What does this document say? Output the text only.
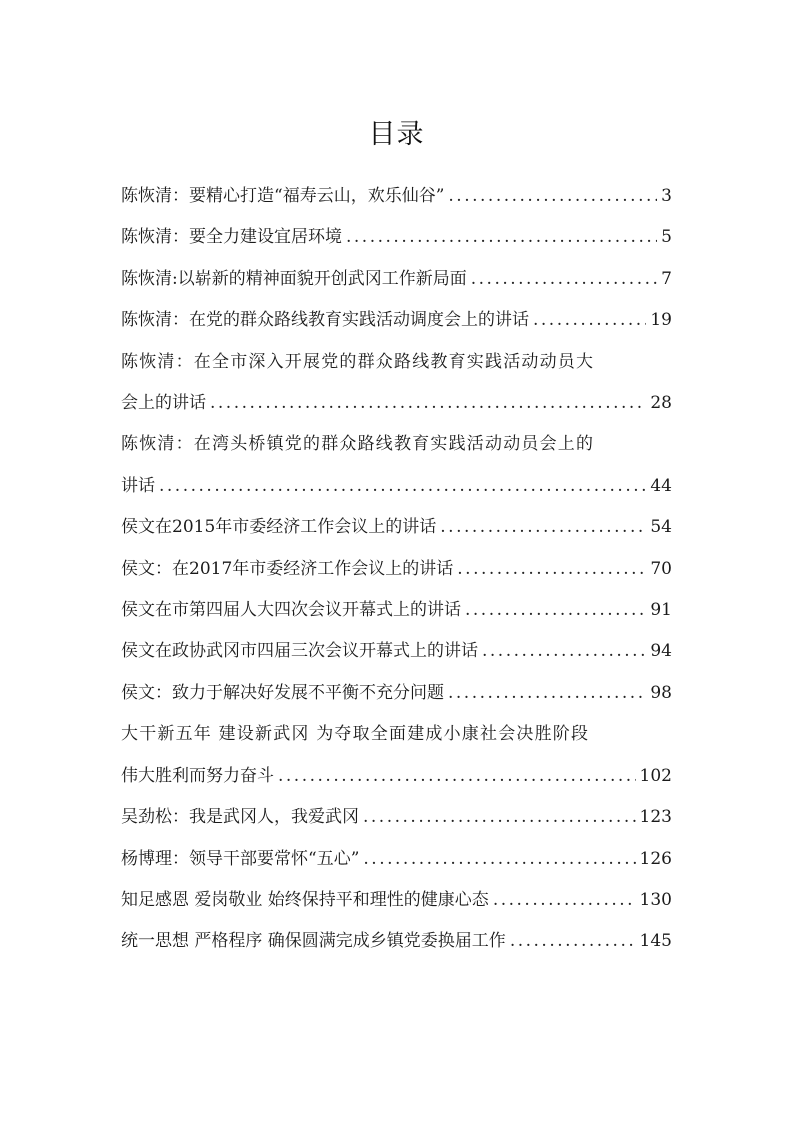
目录
陈恢清：要精心打造“福寿云山，欢乐仙谷” .....	3
陈恢清：要全力建设宜居环境 .....	5
陈恢清:以崭新的精神面貌开创武冈工作新局面 .....	7
陈恢清：在党的群众路线教育实践活动调度会上的讲话 .....	19
陈恢清：在全市深入开展党的群众路线教育实践活动动员大
会上的讲话 .....	28
陈恢清：在湾头桥镇党的群众路线教育实践活动动员会上的
讲话 .....	44
侯文在2015年市委经济工作会议上的讲话 .....	54
侯文：在2017年市委经济工作会议上的讲话 .....	70
侯文在市第四届人大四次会议开幕式上的讲话 .....	91
侯文在政协武冈市四届三次会议开幕式上的讲话 .....	94
侯文：致力于解决好发展不平衡不充分问题 .....	98
大干新五年 建设新武冈 为夺取全面建成小康社会决胜阶段
伟大胜利而努力奋斗 .....	102
吴劲松：我是武冈人，我爱武冈 .....	123
杨博理：领导干部要常怀“五心” .....	126
知足感恩 爱岗敬业 始终保持平和理性的健康心态 .....	130
统一思想 严格程序 确保圆满完成乡镇党委换届工作 .....	145
